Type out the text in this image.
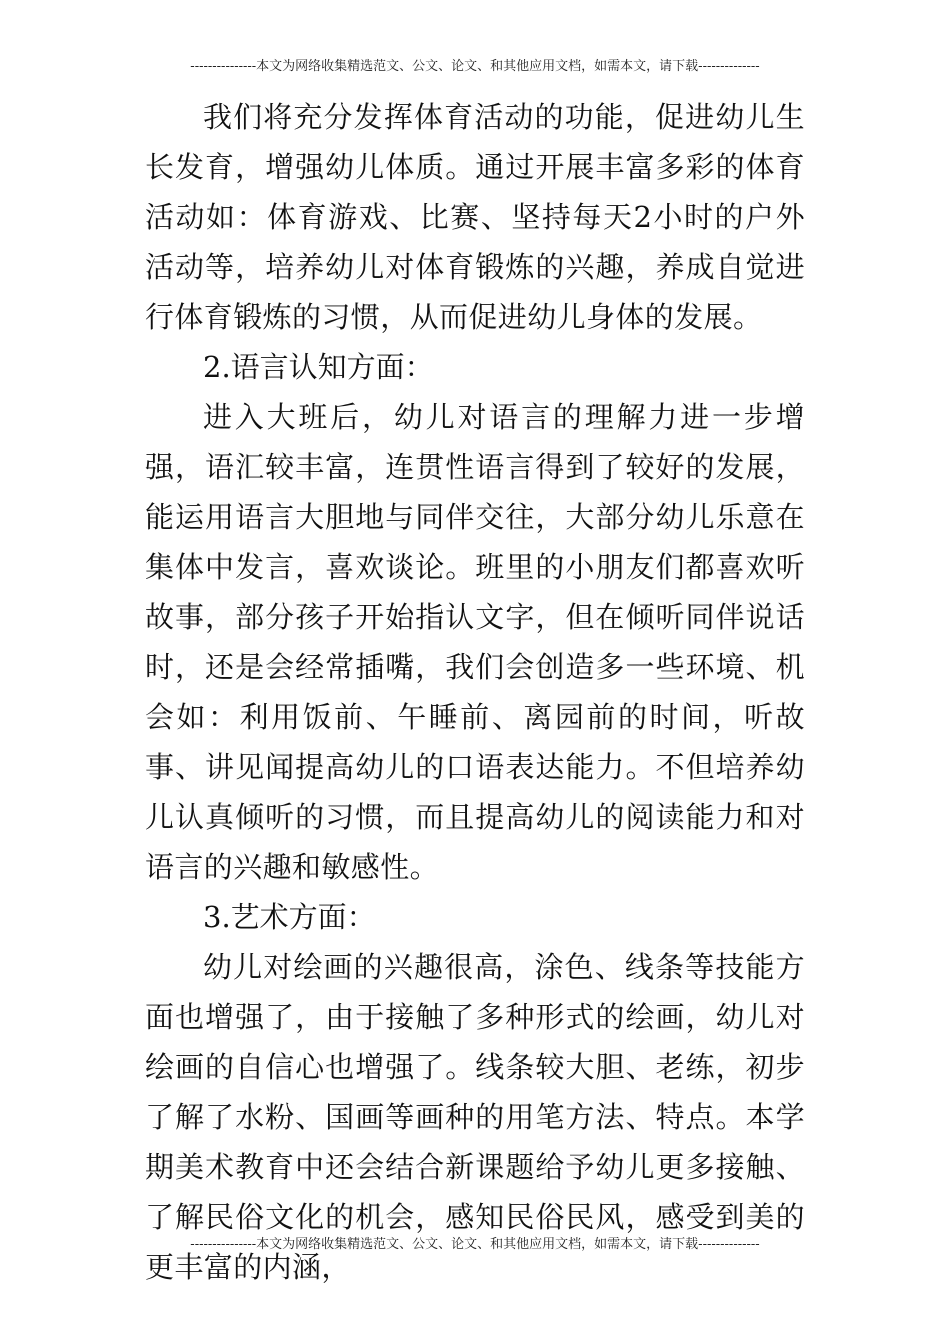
---------------本文为网络收集精选范文、公文、论文、和其他应用文档，如需本文，请下载--------------

我们将充分发挥体育活动的功能，促进幼儿生长发育，增强幼儿体质。通过开展丰富多彩的体育活动如：体育游戏、比赛、坚持每天2小时的户外活动等，培养幼儿对体育锻炼的兴趣，养成自觉进行体育锻炼的习惯，从而促进幼儿身体的发展。

2.语言认知方面：

进入大班后，幼儿对语言的理解力进一步增强，语汇较丰富，连贯性语言得到了较好的发展，能运用语言大胆地与同伴交往，大部分幼儿乐意在集体中发言，喜欢谈论。班里的小朋友们都喜欢听故事，部分孩子开始指认文字，但在倾听同伴说话时，还是会经常插嘴，我们会创造多一些环境、机会如：利用饭前、午睡前、离园前的时间，听故事、讲见闻提高幼儿的口语表达能力。不但培养幼儿认真倾听的习惯，而且提高幼儿的阅读能力和对语言的兴趣和敏感性。

3.艺术方面：

幼儿对绘画的兴趣很高，涂色、线条等技能方面也增强了，由于接触了多种形式的绘画，幼儿对绘画的自信心也增强了。线条较大胆、老练，初步了解了水粉、国画等画种的用笔方法、特点。本学期美术教育中还会结合新课题给予幼儿更多接触、了解民俗文化的机会，感知民俗民风，感受到美的更丰富的内涵，

---------------本文为网络收集精选范文、公文、论文、和其他应用文档，如需本文，请下载--------------
